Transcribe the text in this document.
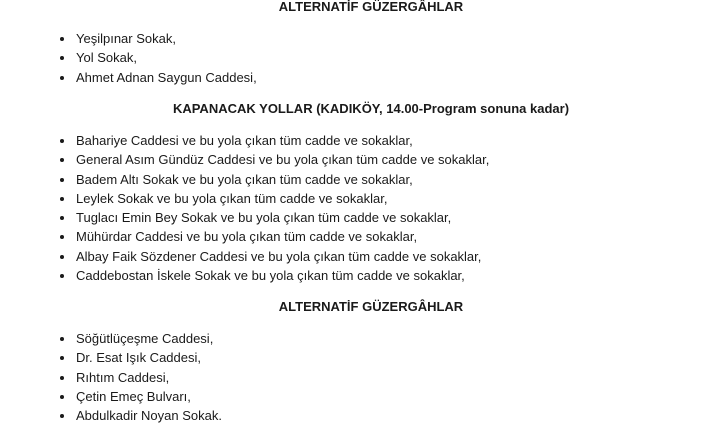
ALTERNATİF GÜZERGÂHLAR
Yeşilpınar Sokak,
Yol Sokak,
Ahmet Adnan Saygun Caddesi,
KAPANACAK YOLLAR (KADIKÖY, 14.00-Program sonuna kadar)
Bahariye Caddesi ve bu yola çıkan tüm cadde ve sokaklar,
General Asım Gündüz Caddesi ve bu yola çıkan tüm cadde ve sokaklar,
Badem Altı Sokak ve bu yola çıkan tüm cadde ve sokaklar,
Leylek Sokak ve bu yola çıkan tüm cadde ve sokaklar,
Tuglacı Emin Bey Sokak ve bu yola çıkan tüm cadde ve sokaklar,
Mühürdar Caddesi ve bu yola çıkan tüm cadde ve sokaklar,
Albay Faik Sözdener Caddesi ve bu yola çıkan tüm cadde ve sokaklar,
Caddebostan İskele Sokak ve bu yola çıkan tüm cadde ve sokaklar,
ALTERNATİF GÜZERGÂHLAR
Söğütlüçeşme Caddesi,
Dr. Esat Işık Caddesi,
Rıhtım Caddesi,
Çetin Emeç Bulvarı,
Abdulkadir Noyan Sokak.
